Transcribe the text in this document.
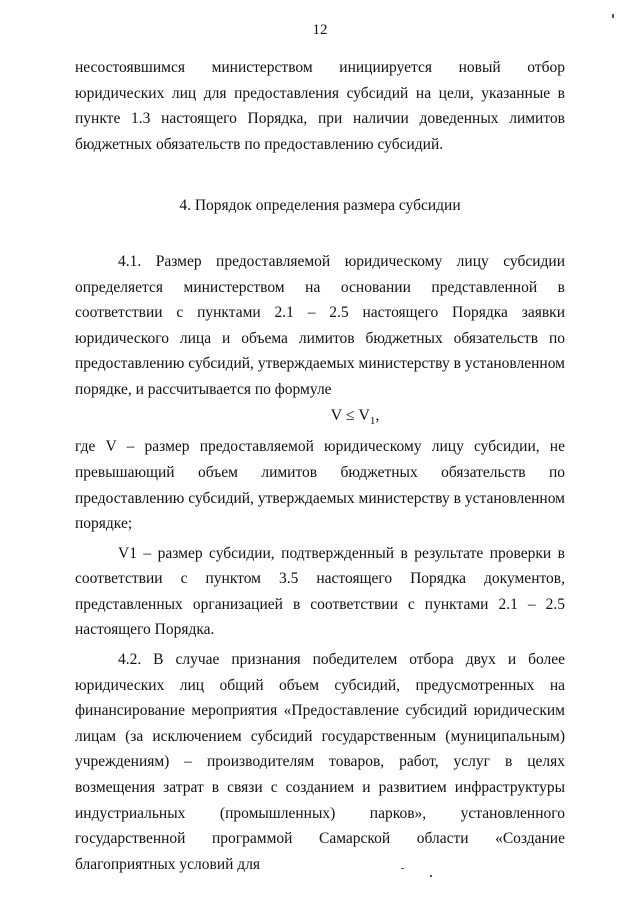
12

несостоявшимся министерством инициируется новый отбор юридических лиц для предоставления субсидий на цели, указанные в пункте 1.3 настоящего Порядка, при наличии доведенных лимитов бюджетных обязательств по предоставлению субсидий.

4. Порядок определения размера субсидии

4.1. Размер предоставляемой юридическому лицу субсидии определяется министерством на основании представленной в соответствии с пунктами 2.1 – 2.5 настоящего Порядка заявки юридического лица и объема лимитов бюджетных обязательств по предоставлению субсидий, утверждаемых министерству в установленном порядке, и рассчитывается по формуле

$V \le V_1$,

где V – размер предоставляемой юридическому лицу субсидии, не превышающий объем лимитов бюджетных обязательств по предоставлению субсидий, утверждаемых министерству в установленном порядке;

V1 – размер субсидии, подтвержденный в результате проверки в соответствии с пунктом 3.5 настоящего Порядка документов, представленных организацией в соответствии с пунктами 2.1 – 2.5 настоящего Порядка.

4.2. В случае признания победителем отбора двух и более юридических лиц общий объем субсидий, предусмотренных на финансирование мероприятия «Предоставление субсидий юридическим лицам (за исключением субсидий государственным (муниципальным) учреждениям) – производителям товаров, работ, услуг в целях возмещения затрат в связи с созданием и развитием инфраструктуры индустриальных (промышленных) парков», установленного государственной программой Самарской области «Создание благоприятных условий для
